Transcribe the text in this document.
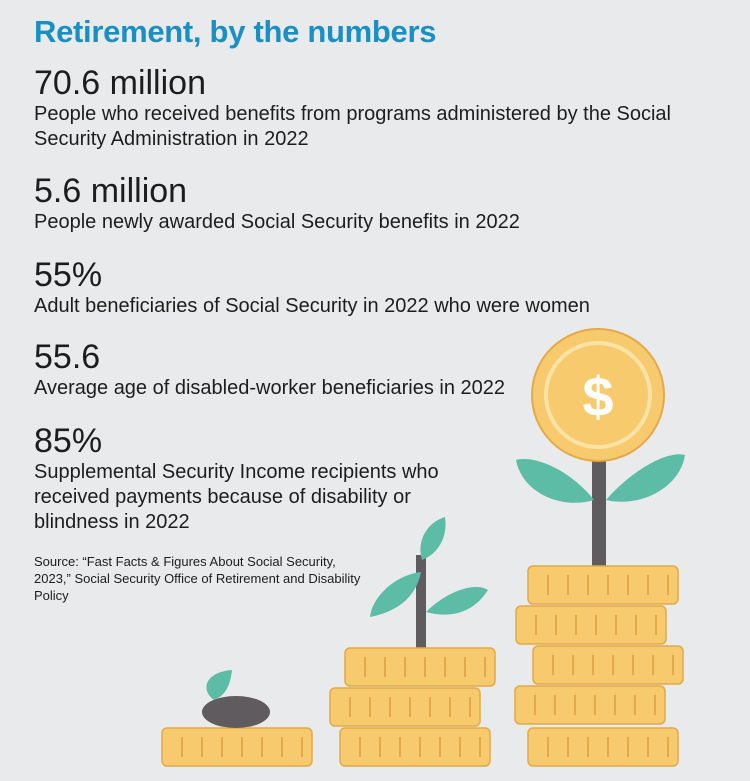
Retirement, by the numbers
70.6 million
People who received benefits from programs administered by the Social Security Administration in 2022
5.6 million
People newly awarded Social Security benefits in 2022
55%
Adult beneficiaries of Social Security in 2022 who were women
55.6
Average age of disabled-worker beneficiaries in 2022
85%
Supplemental Security Income recipients who received payments because of disability or blindness in 2022
Source: “Fast Facts & Figures About Social Security, 2023,” Social Security Office of Retirement and Disability Policy
$
